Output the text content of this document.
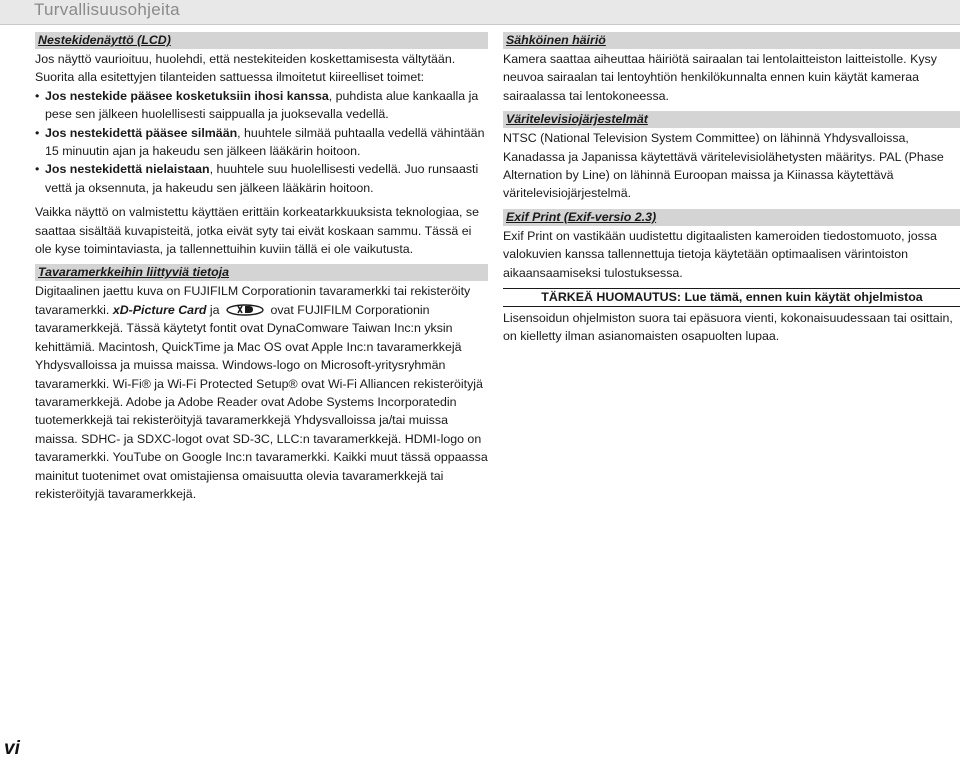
Turvallisuusohjeita
Nestekidenäyttö (LCD)

Jos näyttö vaurioituu, huolehdi, että nestekiteiden koskettamisesta vältytään. Suorita alla esitettyjen tilanteiden sattuessa ilmoitetut kiireelliset toimet:

• Jos nestekide pääsee kosketuksiin ihosi kanssa, puhdista alue kankaalla ja pese sen jälkeen huolellisesti saippualla ja juoksevalla vedellä.
• Jos nestekidettä pääsee silmään, huuhtele silmää puhtaalla vedellä vähintään 15 minuutin ajan ja hakeudu sen jälkeen lääkärin hoitoon.
• Jos nestekidettä nielaistaan, huuhtele suu huolellisesti vedellä. Juo runsaasti vettä ja oksennuta, ja hakeudu sen jälkeen lääkärin hoitoon.

Vaikka näyttö on valmistettu käyttäen erittäin korkeatarkkuuksista teknologiaa, se saattaa sisältää kuvapisteitä, jotka eivät syty tai eivät koskaan sammu. Tässä ei ole kyse toimintaviasta, ja tallennettuihin kuviin tällä ei ole vaikutusta.

Tavaramerkkeihin liittyviä tietoja

Digitaalinen jaettu kuva on FUJIFILM Corporationin tavaramerkki tai rekisteröity tavaramerkki. xD-Picture Card ja	ovat FUJIFILM Corporationin tavaramerkkejä. Tässä käytetyt fontit ovat DynaComware Taiwan Inc:n yksin kehittämiä. Macintosh, QuickTime ja Mac OS ovat Apple Inc:n tavaramerkkejä Yhdysvalloissa ja muissa maissa. Windows-logo on Microsoft-yritysryhmän tavaramerkki. Wi-Fi® ja Wi-Fi Protected Setup® ovat Wi-Fi Alliancen rekisteröityjä tavaramerkkejä. Adobe ja Adobe Reader ovat Adobe Systems Incorporatedin tuotemerkkejä tai rekisteröityjä tavaramerkkejä Yhdysvalloissa ja/tai muissa maissa. SDHC- ja SDXC-logot ovat SD-3C, LLC:n tavaramerkkejä. HDMI-logo on tavaramerkki. YouTube on Google Inc:n tavaramerkki. Kaikki muut tässä oppaassa mainitut tuotenimet ovat omistajiensa omaisuutta olevia tavaramerkkejä tai rekisteröityjä tavaramerkkejä.

Sähköinen häiriö

Kamera saattaa aiheuttaa häiriötä sairaalan tai lentolaitteiston laitteistolle. Kysy neuvoa sairaalan tai lentoyhtiön henkilökunnalta ennen kuin käytät kameraa sairaalassa tai lentokoneessa.

Väritelevisiojärjestelmät

NTSC (National Television System Committee) on lähinnä Yhdysvalloissa, Kanadassa ja Japanissa käytettävä väritelevisiolähetysten määritys. PAL (Phase Alternation by Line) on lähinnä Euroopan maissa ja Kiinassa käytettävä väritelevisiojärjestelmä.

Exif Print (Exif-versio 2.3)

Exif Print on vastikään uudistettu digitaalisten kameroiden tiedostomuoto, jossa valokuvien kanssa tallennettuja tietoja käytetään optimaalisen värintoiston aikaansaamiseksi tulostuksessa.

TÄRKEÄ HUOMAUTUS: Lue tämä, ennen kuin käytät ohjelmistoa

Lisensoidun ohjelmiston suora tai epäsuora vienti, kokonaisuudessaan tai osittain, on kielletty ilman asianomaisten osapuolten lupaa.

vi
